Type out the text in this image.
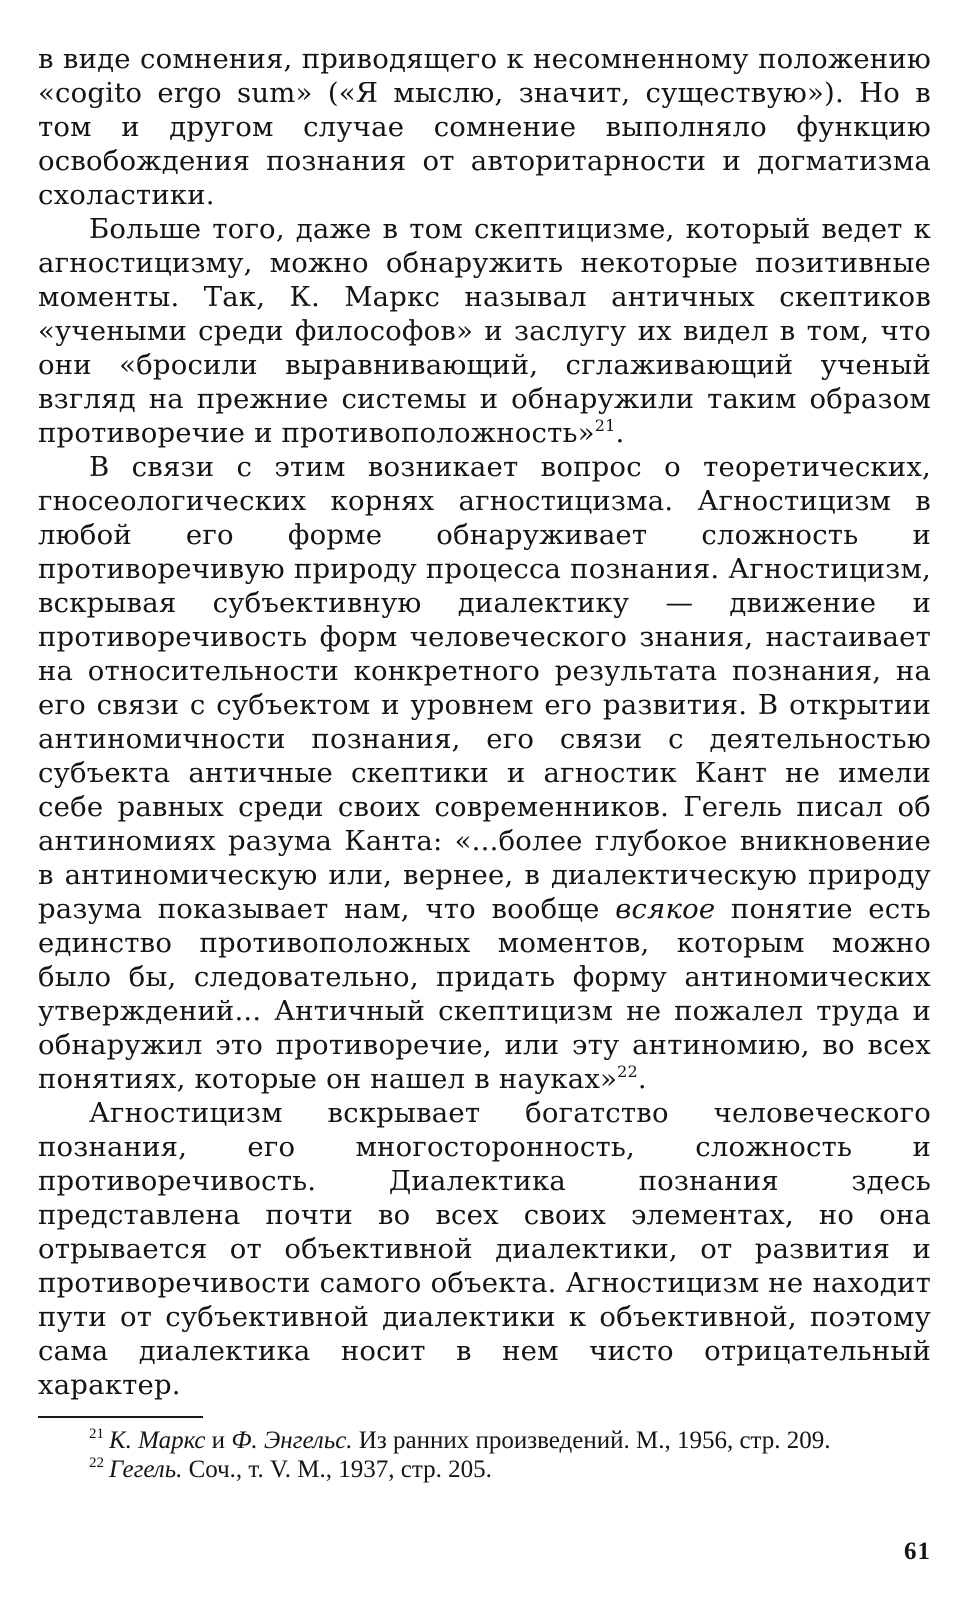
в виде сомнения, приводящего к несомненному положению «cogito ergo sum» («Я мыслю, значит, существую»). Но в том и другом случае сомнение выполняло функцию освобождения познания от авторитарности и догматизма схоластики.

Больше того, даже в том скептицизме, который ведет к агностицизму, можно обнаружить некоторые позитивные моменты. Так, К. Маркс называл античных скептиков «учеными среди философов» и заслугу их видел в том, что они «бросили выравнивающий, сглаживающий ученый взгляд на прежние системы и обнаружили таким образом противоречие и противоположность»$^{21}$.

В связи с этим возникает вопрос о теоретических, гносеологических корнях агностицизма. Агностицизм в любой его форме обнаруживает сложность и противоречивую природу процесса познания. Агностицизм, вскрывая субъективную диалектику — движение и противоречивость форм человеческого знания, настаивает на относительности конкретного результата познания, на его связи с субъектом и уровнем его развития. В открытии антиномичности познания, его связи с деятельностью субъекта античные скептики и агностик Кант не имели себе равных среди своих современников. Гегель писал об антиномиях разума Канта: «...более глубокое вникновение в антиномическую или, вернее, в диалектическую природу разума показывает нам, что вообще всякое понятие есть единство противоположных моментов, которым можно было бы, следовательно, придать форму антиномических утверждений... Античный скептицизм не пожалел труда и обнаружил это противоречие, или эту антиномию, во всех понятиях, которые он нашел в науках»$^{22}$.

Агностицизм вскрывает богатство человеческого познания, его многосторонность, сложность и противоречивость. Диалектика познания здесь представлена почти во всех своих элементах, но она отрывается от объективной диалектики, от развития и противоречивости самого объекта. Агностицизм не находит пути от субъективной диалектики к объективной, поэтому сама диалектика носит в нем чисто отрицательный характер.

$^{21}$ К. Маркс и Ф. Энгельс. Из ранних произведений. М., 1956, стр. 209.

$^{22}$ Гегель. Соч., т. V. М., 1937, стр. 205.

61
